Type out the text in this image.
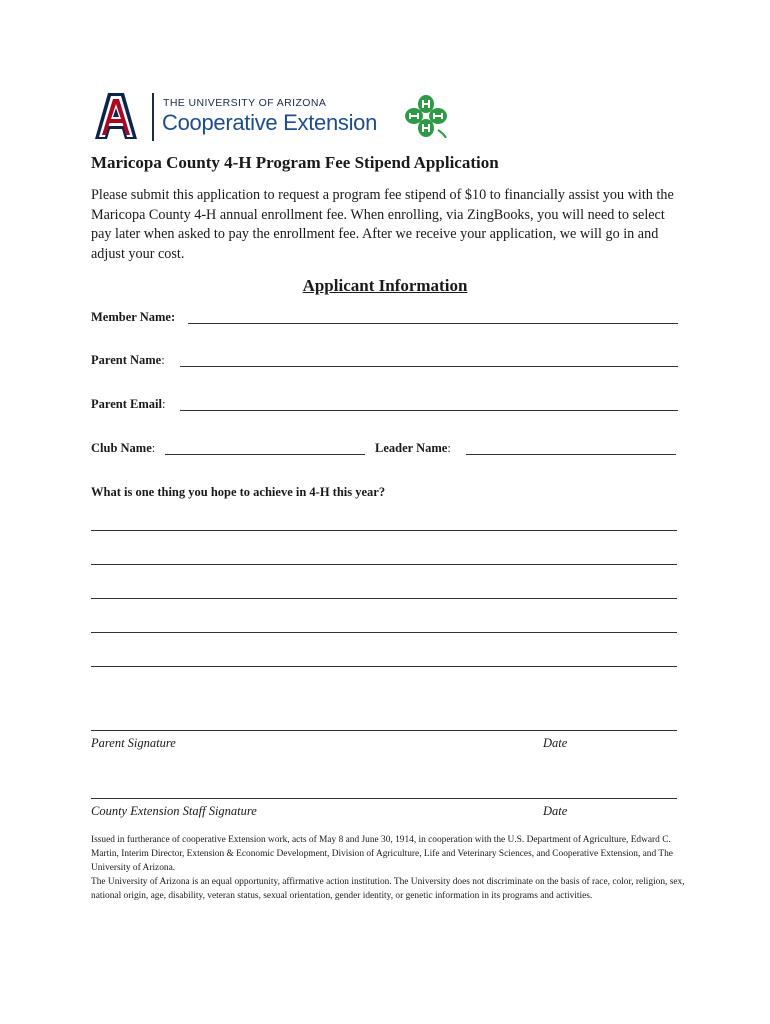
THE UNIVERSITY OF ARIZONA
Cooperative Extension
Maricopa County 4-H Program Fee Stipend Application
Please submit this application to request a program fee stipend of $10 to financially assist you with the Maricopa County 4-H annual enrollment fee. When enrolling, via ZingBooks, you will need to select pay later when asked to pay the enrollment fee. After we receive your application, we will go in and adjust your cost.
Applicant Information
Member Name:
Parent Name:
Parent Email:
Club Name:	Leader Name:
What is one thing you hope to achieve in 4-H this year?
Parent Signature	Date
County Extension Staff Signature	Date
Issued in furtherance of cooperative Extension work, acts of May 8 and June 30, 1914, in cooperation with the U.S. Department of Agriculture, Edward C. Martin, Interim Director, Extension & Economic Development, Division of Agriculture, Life and Veterinary Sciences, and Cooperative Extension, and The University of Arizona.
The University of Arizona is an equal opportunity, affirmative action institution. The University does not discriminate on the basis of race, color, religion, sex, national origin, age, disability, veteran status, sexual orientation, gender identity, or genetic information in its programs and activities.
